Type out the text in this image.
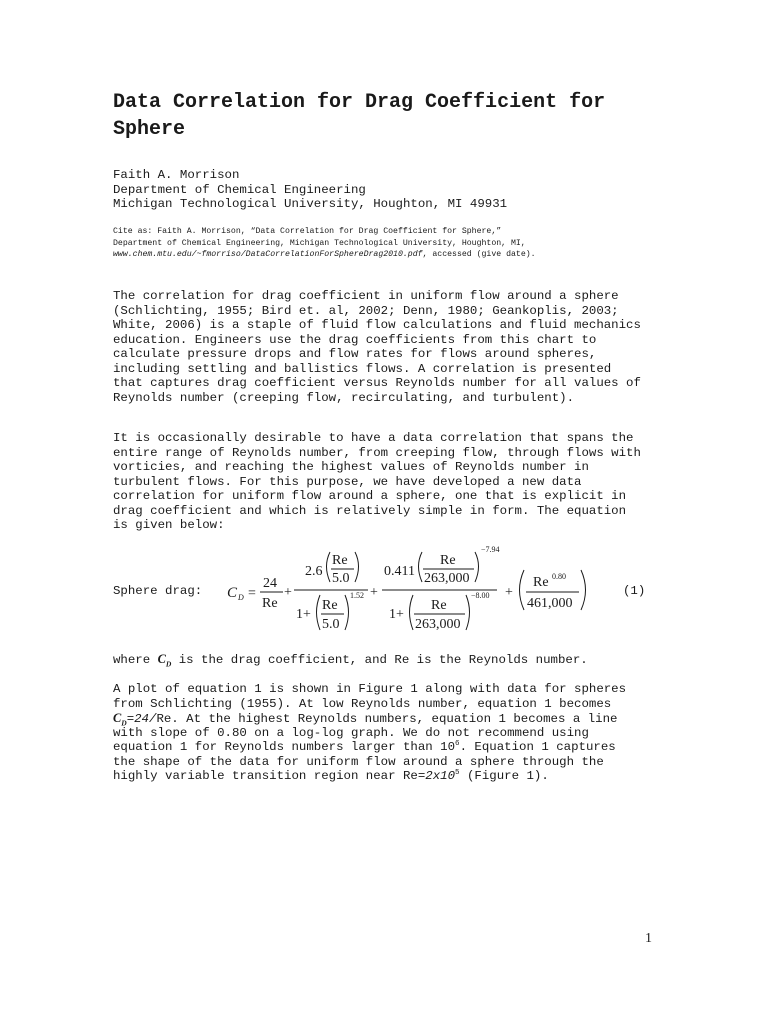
Data Correlation for Drag Coefficient for Sphere
Faith A. Morrison
Department of Chemical Engineering
Michigan Technological University, Houghton, MI 49931
Cite as: Faith A. Morrison, “Data Correlation for Drag Coefficient for Sphere,”
Department of Chemical Engineering, Michigan Technological University, Houghton, MI,
www.chem.mtu.edu/~fmorriso/DataCorrelationForSphereDrag2010.pdf, accessed (give date).
The correlation for drag coefficient in uniform flow around a sphere
(Schlichting, 1955; Bird et. al, 2002; Denn, 1980; Geankoplis, 2003;
White, 2006) is a staple of fluid flow calculations and fluid mechanics
education. Engineers use the drag coefficients from this chart to
calculate pressure drops and flow rates for flows around spheres,
including settling and ballistics flows. A correlation is presented
that captures drag coefficient versus Reynolds number for all values of
Reynolds number (creeping flow, recirculating, and turbulent).
It is occasionally desirable to have a data correlation that spans the
entire range of Reynolds number, from creeping flow, through flows with
vorticies, and reaching the highest values of Reynolds number in
turbulent flows. For this purpose, we have developed a new data
correlation for uniform flow around a sphere, one that is explicit in
drag coefficient and which is relatively simple in form. The equation
is given below:
Sphere drag:	(1)
C D =
24
Re
+
2.6
Re
5.0
1+
Re
5.0
1.52 +
0.411
Re
263,000
−7.94
1+
Re
263,000
−8.00 +
Re 0.80
461,000
where $C_D$ is the drag coefficient, and Re is the Reynolds number.
A plot of equation 1 is shown in Figure 1 along with data for spheres
from Schlichting (1955). At low Reynolds number, equation 1 becomes
$C_D=24/Re$. At the highest Reynolds numbers, equation 1 becomes a line
with slope of 0.80 on a log-log graph. We do not recommend using
equation 1 for Reynolds numbers larger than $10^6$. Equation 1 captures
the shape of the data for uniform flow around a sphere through the
highly variable transition region near $Re=2x10^5$ (Figure 1).
1
